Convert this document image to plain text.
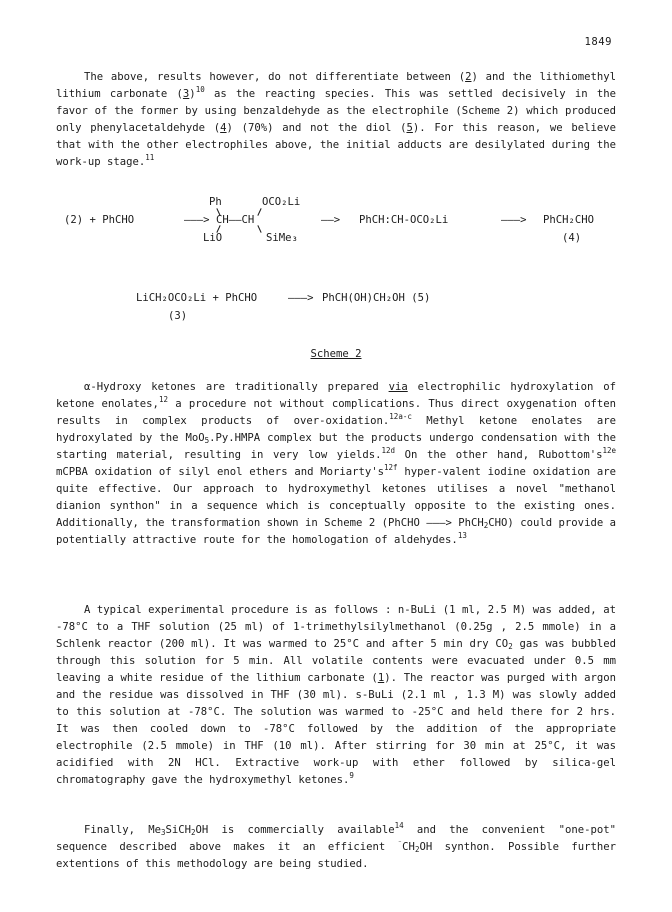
1849

The above, results however, do not differentiate between (2) and the lithiomethyl lithium carbonate $(3)^{10}$ as the reacting species. This was settled decisively in the favor of the former by using benzaldehyde as the electrophile (Scheme 2) which produced only phenylacetaldehyde (4) (70%) and not the diol (5). For this reason, we believe that with the other electrophiles above, the initial adducts are desilylated during the work-up stage.$^{11}$

(2) + PhCHO	———>
Ph	OCO₂Li
CH——CH
LiO	SiMe₃
——> PhCH:CH-OCO₂Li	———> PhCH₂CHO
(4)
LiCH₂OCO₂Li + PhCHO	———> PhCH(OH)CH₂OH (5)
(3)
Scheme 2

α-Hydroxy ketones are traditionally prepared via electrophilic hydroxylation of ketone enolates,$^{12}$ a procedure not without complications. Thus direct oxygenation often results in complex products of over-oxidation.$^{12a-c}$ Methyl ketone enolates are hydroxylated by the MoO$_5$.Py.HMPA complex but the products undergo condensation with the starting material, resulting in very low yields.$^{12d}$ On the other hand, $Rubottom's^{12e}$ mCPBA oxidation of silyl enol ethers and $Moriarty's^{12f}$ hyper-valent iodine oxidation are quite effective. Our approach to hydroxymethyl ketones utilises a novel "methanol dianion synthon" in a sequence which is conceptually opposite to the existing ones. Additionally, the transformation shown in Scheme 2 (PhCHO ———> PhCH$_2$CHO) could provide a potentially attractive route for the homologation of aldehydes.$^{13}$

A typical experimental procedure is as follows : n-BuLi (1 ml, 2.5 M) was added, at -78°C to a THF solution (25 ml) of 1-trimethylsilylmethanol (0.25g , 2.5 mmole) in a Schlenk reactor (200 ml). It was warmed to 25°C and after 5 min dry $CO_2$ gas was bubbled through this solution for 5 min. All volatile contents were evacuated under 0.5 mm leaving a white residue of the lithium carbonate (1). The reactor was purged with argon and the residue was dissolved in THF (30 ml). s-BuLi (2.1 ml , 1.3 M) was slowly added to this solution at -78°C. The solution was warmed to -25°C and held there for 2 hrs. It was then cooled down to -78°C followed by the addition of the appropriate electrophile (2.5 mmole) in THF (10 ml). After stirring for 30 min at 25°C, it was acidified with 2N HCl. Extractive work-up with ether followed by silica-gel chromatography gave the hydroxymethyl ketones.$^9$

Finally, $Me_3SiCH_2OH$ is commercially available$^{14}$ and the convenient "one-pot" sequence described above makes it an efficient $^{^-}CH_2OH$ synthon. Possible further extentions of this methodology are being studied.
